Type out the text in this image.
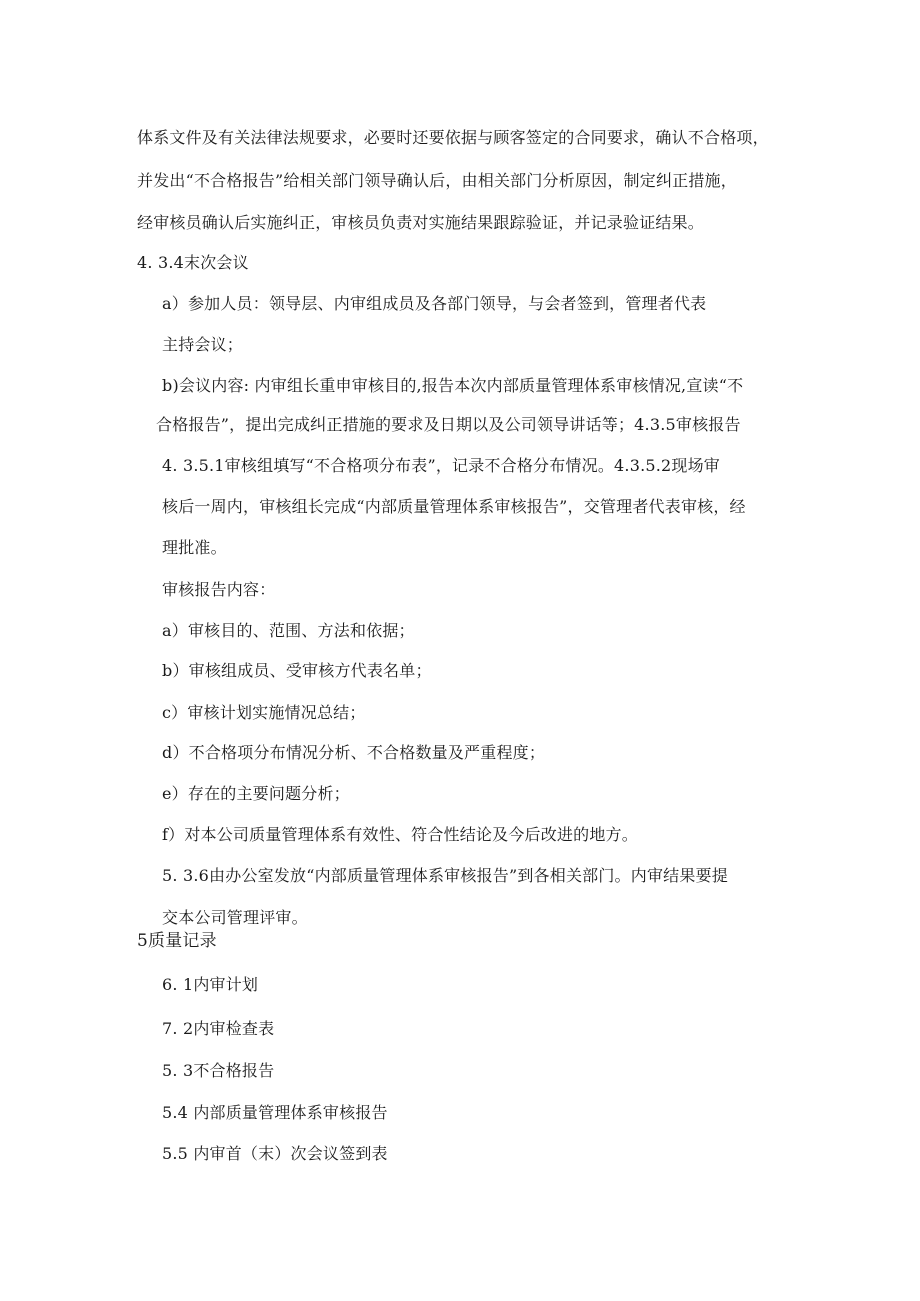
体系文件及有关法律法规要求，必要时还要依据与顾客签定的合同要求，确认不合格项，
并发出“不合格报告”给相关部门领导确认后，由相关部门分析原因，制定纠正措施，
经审核员确认后实施纠正，审核员负责对实施结果跟踪验证，并记录验证结果。
4. 3.4末次会议
a）参加人员：领导层、内审组成员及各部门领导，与会者签到，管理者代表
主持会议；
b)会议内容: 内审组长重申审核目的,报告本次内部质量管理体系审核情况,宣读“不
合格报告”，提出完成纠正措施的要求及日期以及公司领导讲话等；4.3.5审核报告
4. 3.5.1审核组填写“不合格项分布表”，记录不合格分布情况。4.3.5.2现场审
核后一周内，审核组长完成“内部质量管理体系审核报告”，交管理者代表审核，经
理批准。
审核报告内容：
a）审核目的、范围、方法和依据；
b）审核组成员、受审核方代表名单；
c）审核计划实施情况总结；
d）不合格项分布情况分析、不合格数量及严重程度；
e）存在的主要问题分析；
f）对本公司质量管理体系有效性、符合性结论及今后改进的地方。
5. 3.6由办公室发放“内部质量管理体系审核报告”到各相关部门。内审结果要提
交本公司管理评审。
5质量记录
6. 1内审计划
7. 2内审检查表
5. 3不合格报告
5.4 内部质量管理体系审核报告
5.5 内审首（末）次会议签到表
